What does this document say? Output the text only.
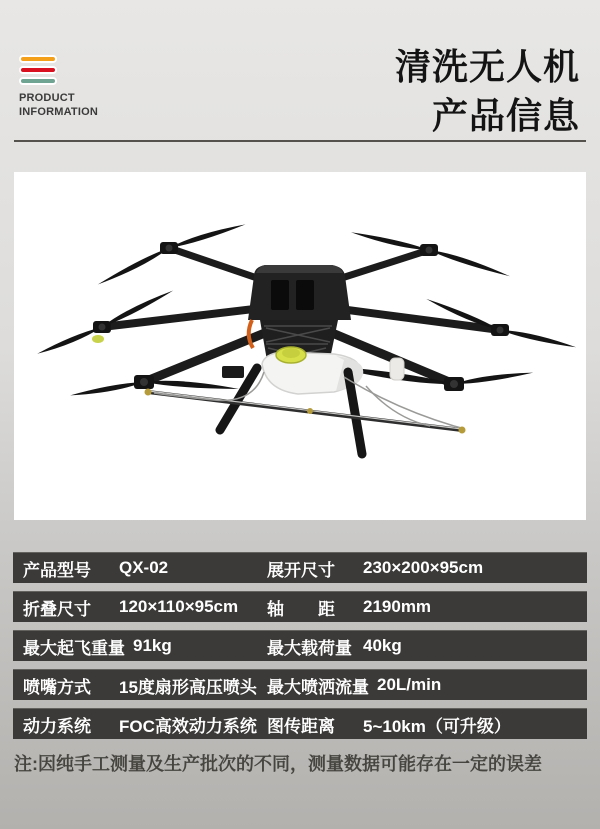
PRODUCT
INFORMATION
清洗无人机
产品信息
产品型号	QX-02	展开尺寸	230×200×95cm
折叠尺寸	120×110×95cm 轴　　距	2190mm
最大起飞重量 91kg	最大载荷量 40kg
喷嘴方式	15度扇形高压喷头 最大喷洒流量 20L/min
动力系统	FOC高效动力系统 图传距离	5~10km（可升级）
注:因纯手工测量及生产批次的不同，测量数据可能存在一定的误差
